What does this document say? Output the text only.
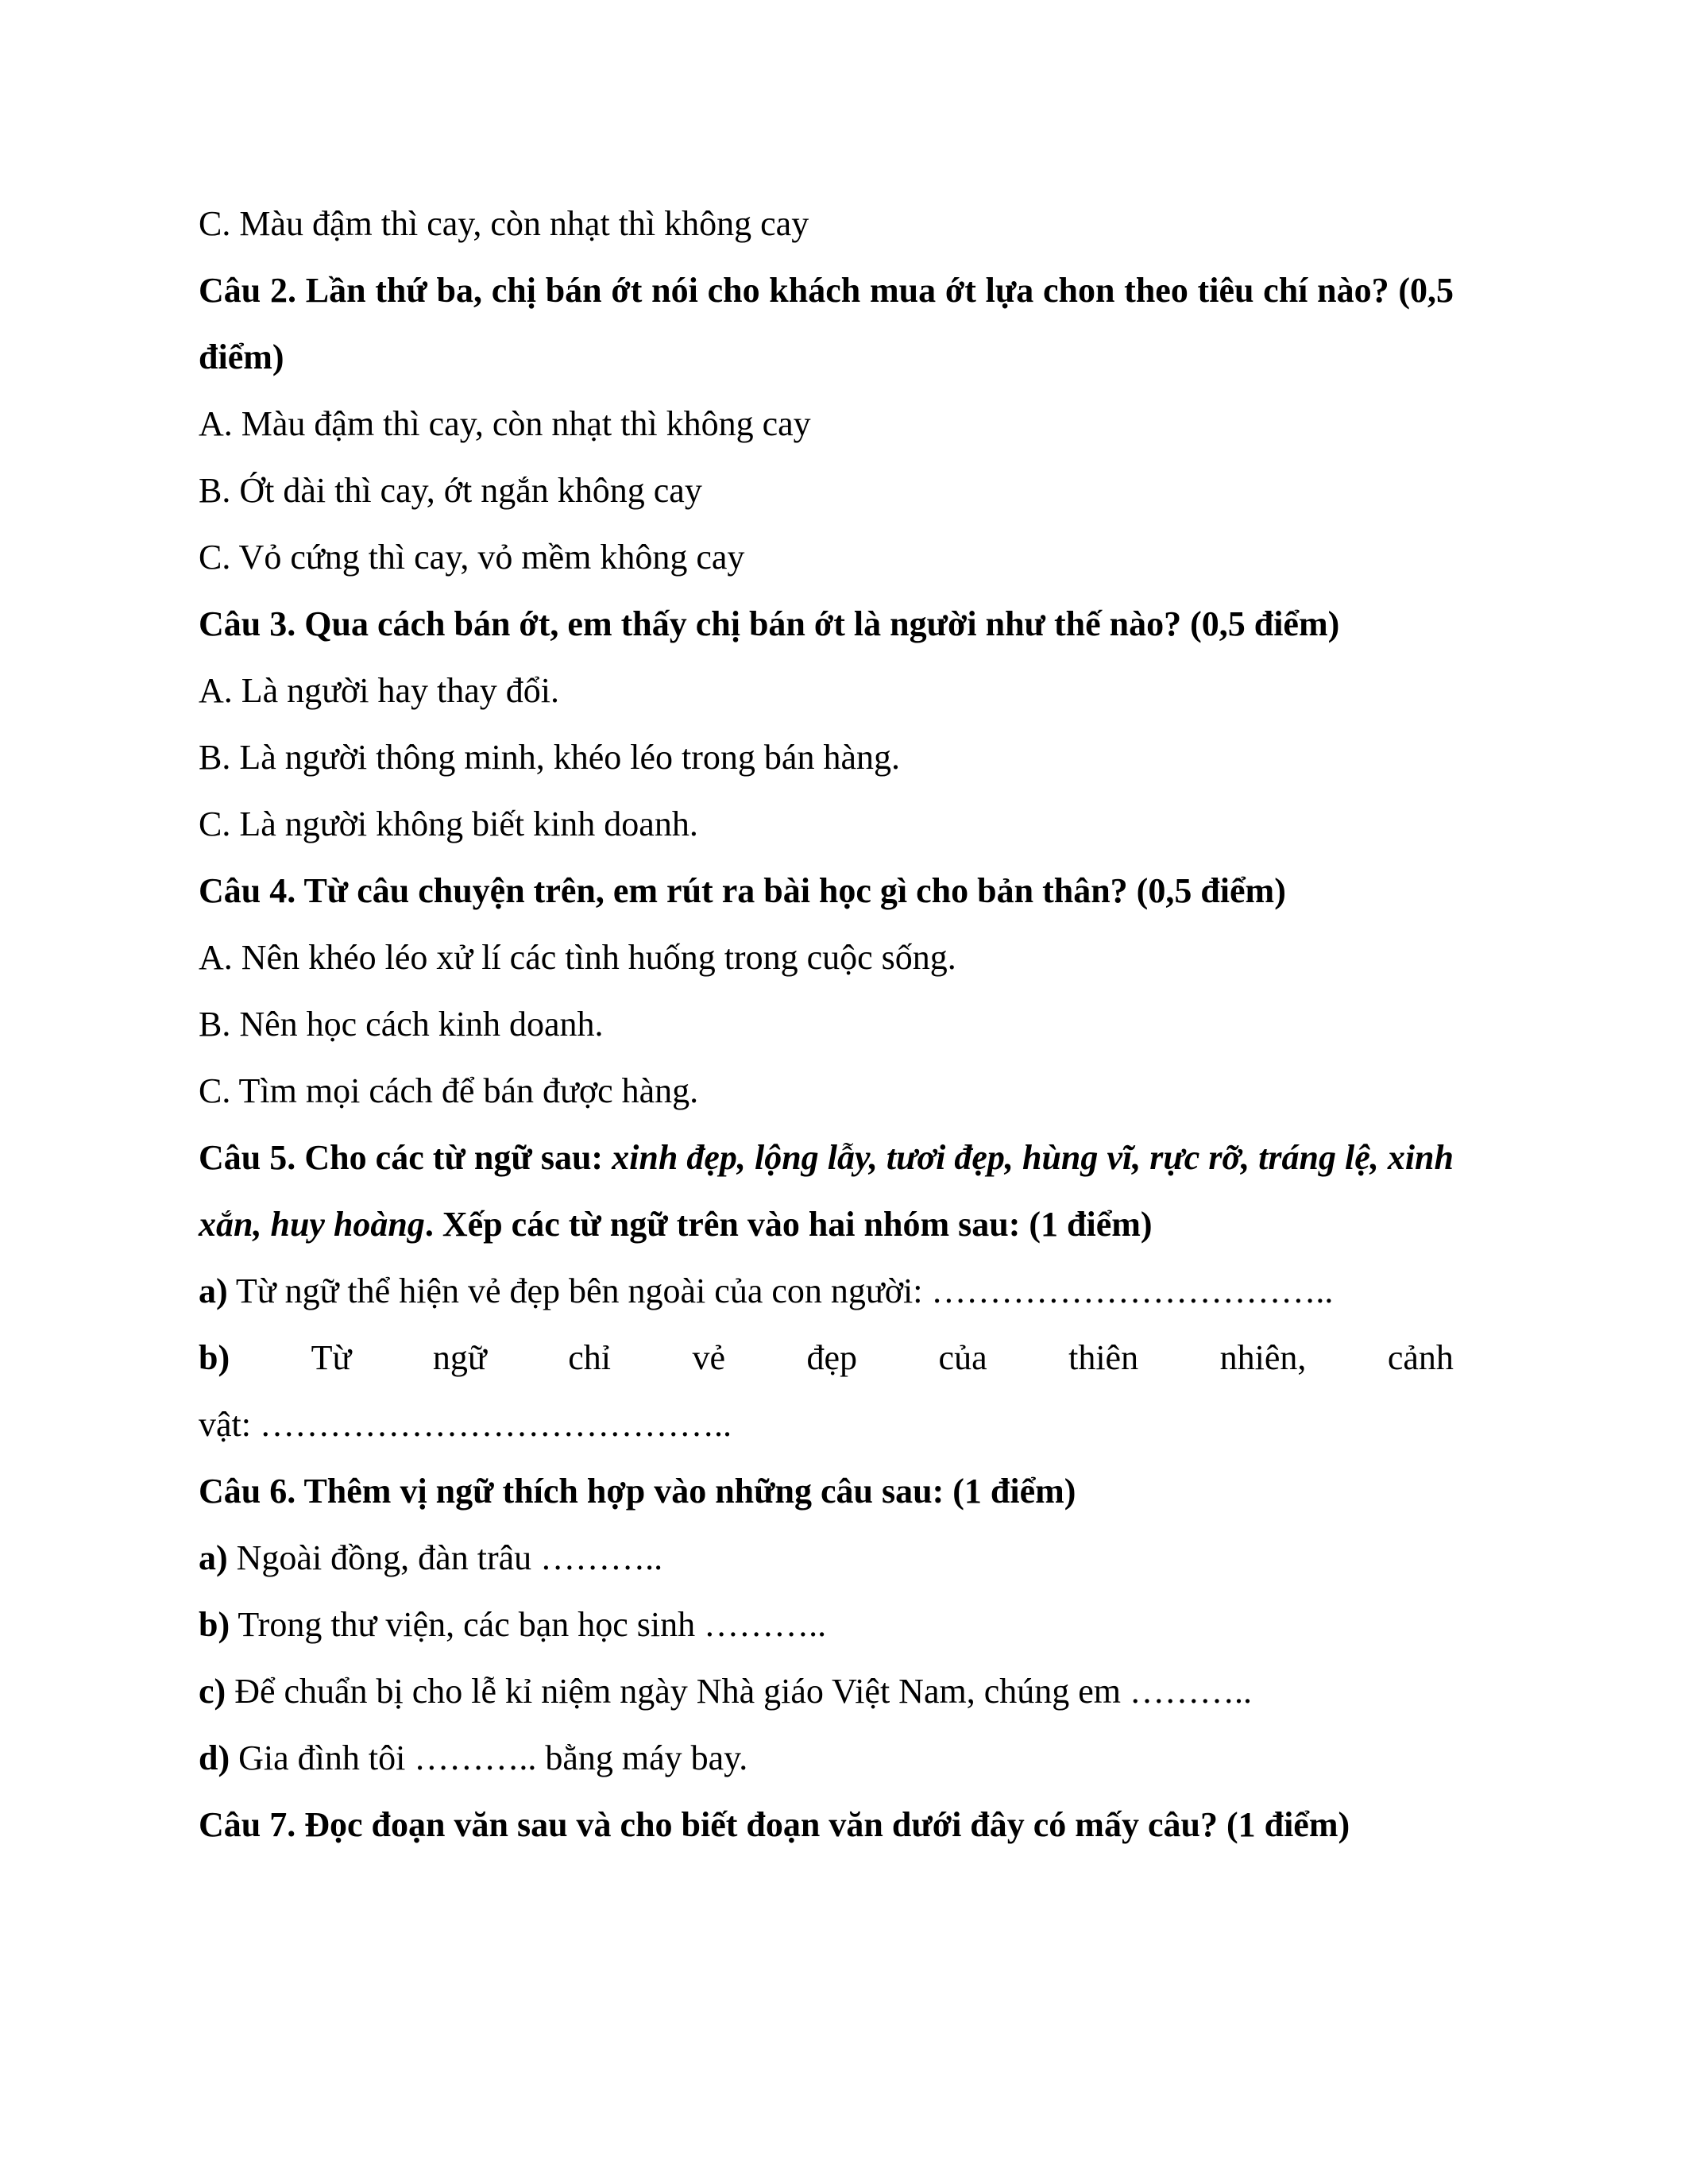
C. Màu đậm thì cay, còn nhạt thì không cay

Câu 2. Lần thứ ba, chị bán ớt nói cho khách mua ớt lựa chon theo tiêu chí nào? (0,5 điểm)

A. Màu đậm thì cay, còn nhạt thì không cay

B. Ớt dài thì cay, ớt ngắn không cay

C. Vỏ cứng thì cay, vỏ mềm không cay

Câu 3. Qua cách bán ớt, em thấy chị bán ớt là người như thế nào? (0,5 điểm)

A. Là người hay thay đổi.

B. Là người thông minh, khéo léo trong bán hàng.

C. Là người không biết kinh doanh.

Câu 4. Từ câu chuyện trên, em rút ra bài học gì cho bản thân? (0,5 điểm)

A. Nên khéo léo xử lí các tình huống trong cuộc sống.

B. Nên học cách kinh doanh.

C. Tìm mọi cách để bán được hàng.

Câu 5. Cho các từ ngữ sau: xinh đẹp, lộng lẫy, tươi đẹp, hùng vĩ, rực rỡ, tráng lệ, xinh xắn, huy hoàng. Xếp các từ ngữ trên vào hai nhóm sau: (1 điểm)

a) Từ ngữ thể hiện vẻ đẹp bên ngoài của con người: ……………………………..

b) Từ ngữ chỉ vẻ đẹp của thiên nhiên, cảnh

vật: …………………………………..

Câu 6. Thêm vị ngữ thích hợp vào những câu sau: (1 điểm)

a) Ngoài đồng, đàn trâu ………..

b) Trong thư viện, các bạn học sinh ………..

c) Để chuẩn bị cho lễ kỉ niệm ngày Nhà giáo Việt Nam, chúng em ………..

d) Gia đình tôi ……….. bằng máy bay.

Câu 7. Đọc đoạn văn sau và cho biết đoạn văn dưới đây có mấy câu? (1 điểm)
